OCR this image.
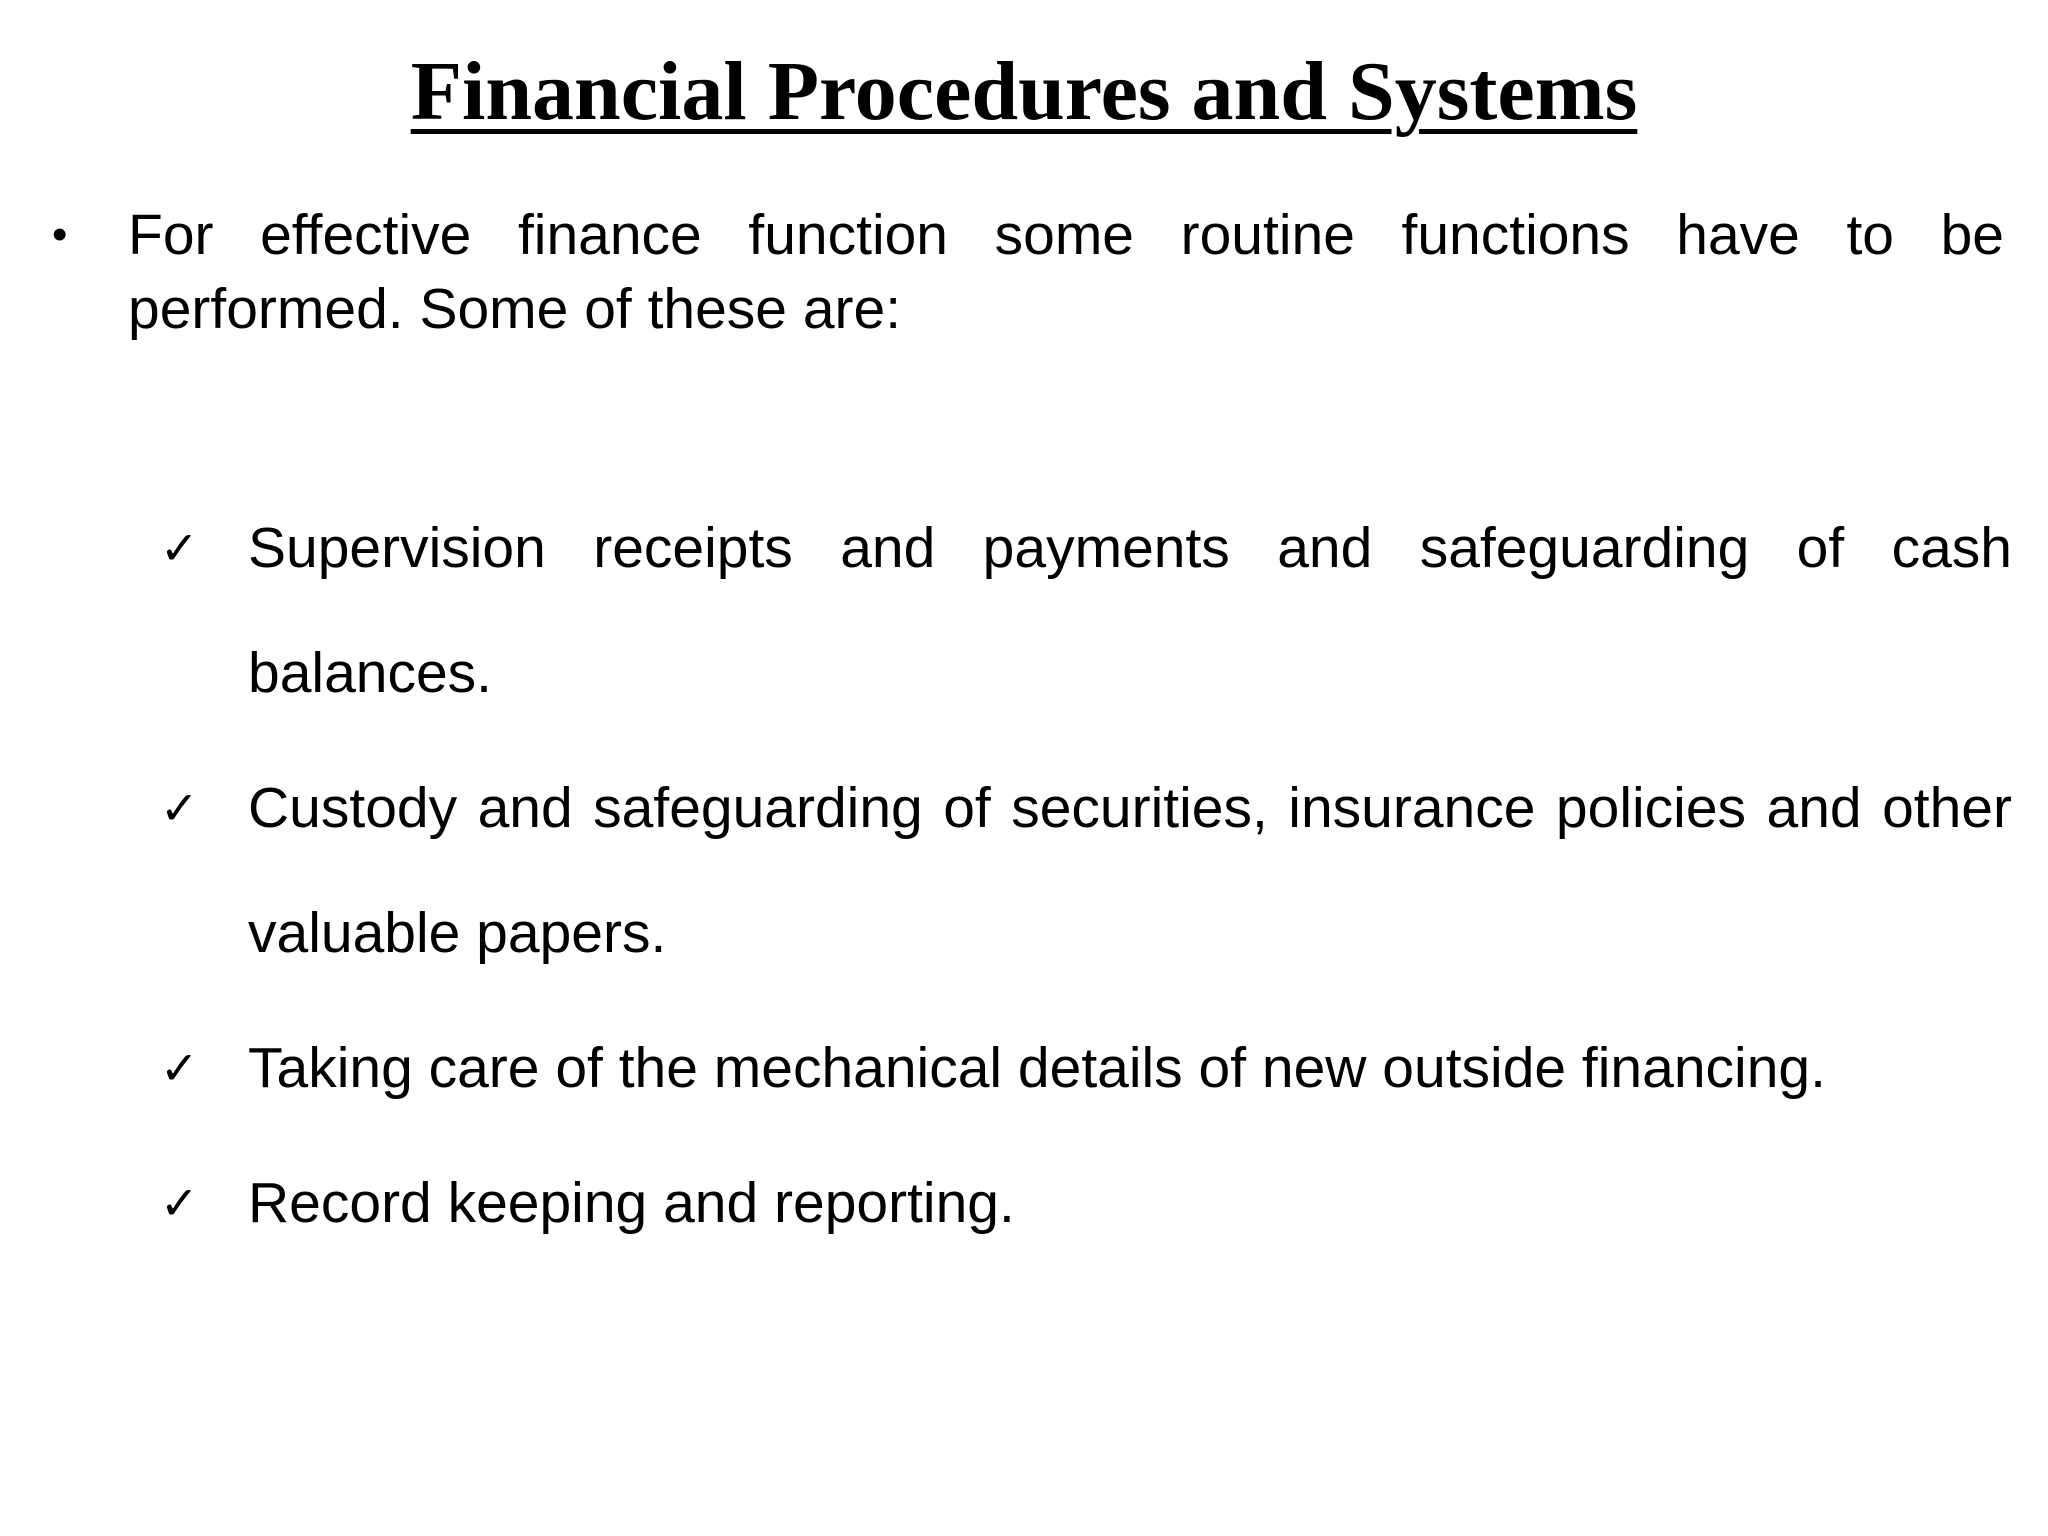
Financial Procedures and Systems
•	For effective finance function some routine functions have to be performed. Some of these are:
✓ Supervision receipts and payments and safeguarding of cash balances.
✓ Custody and safeguarding of securities, insurance policies and other valuable papers.
✓ Taking care of the mechanical details of new outside financing.
✓ Record keeping and reporting.
